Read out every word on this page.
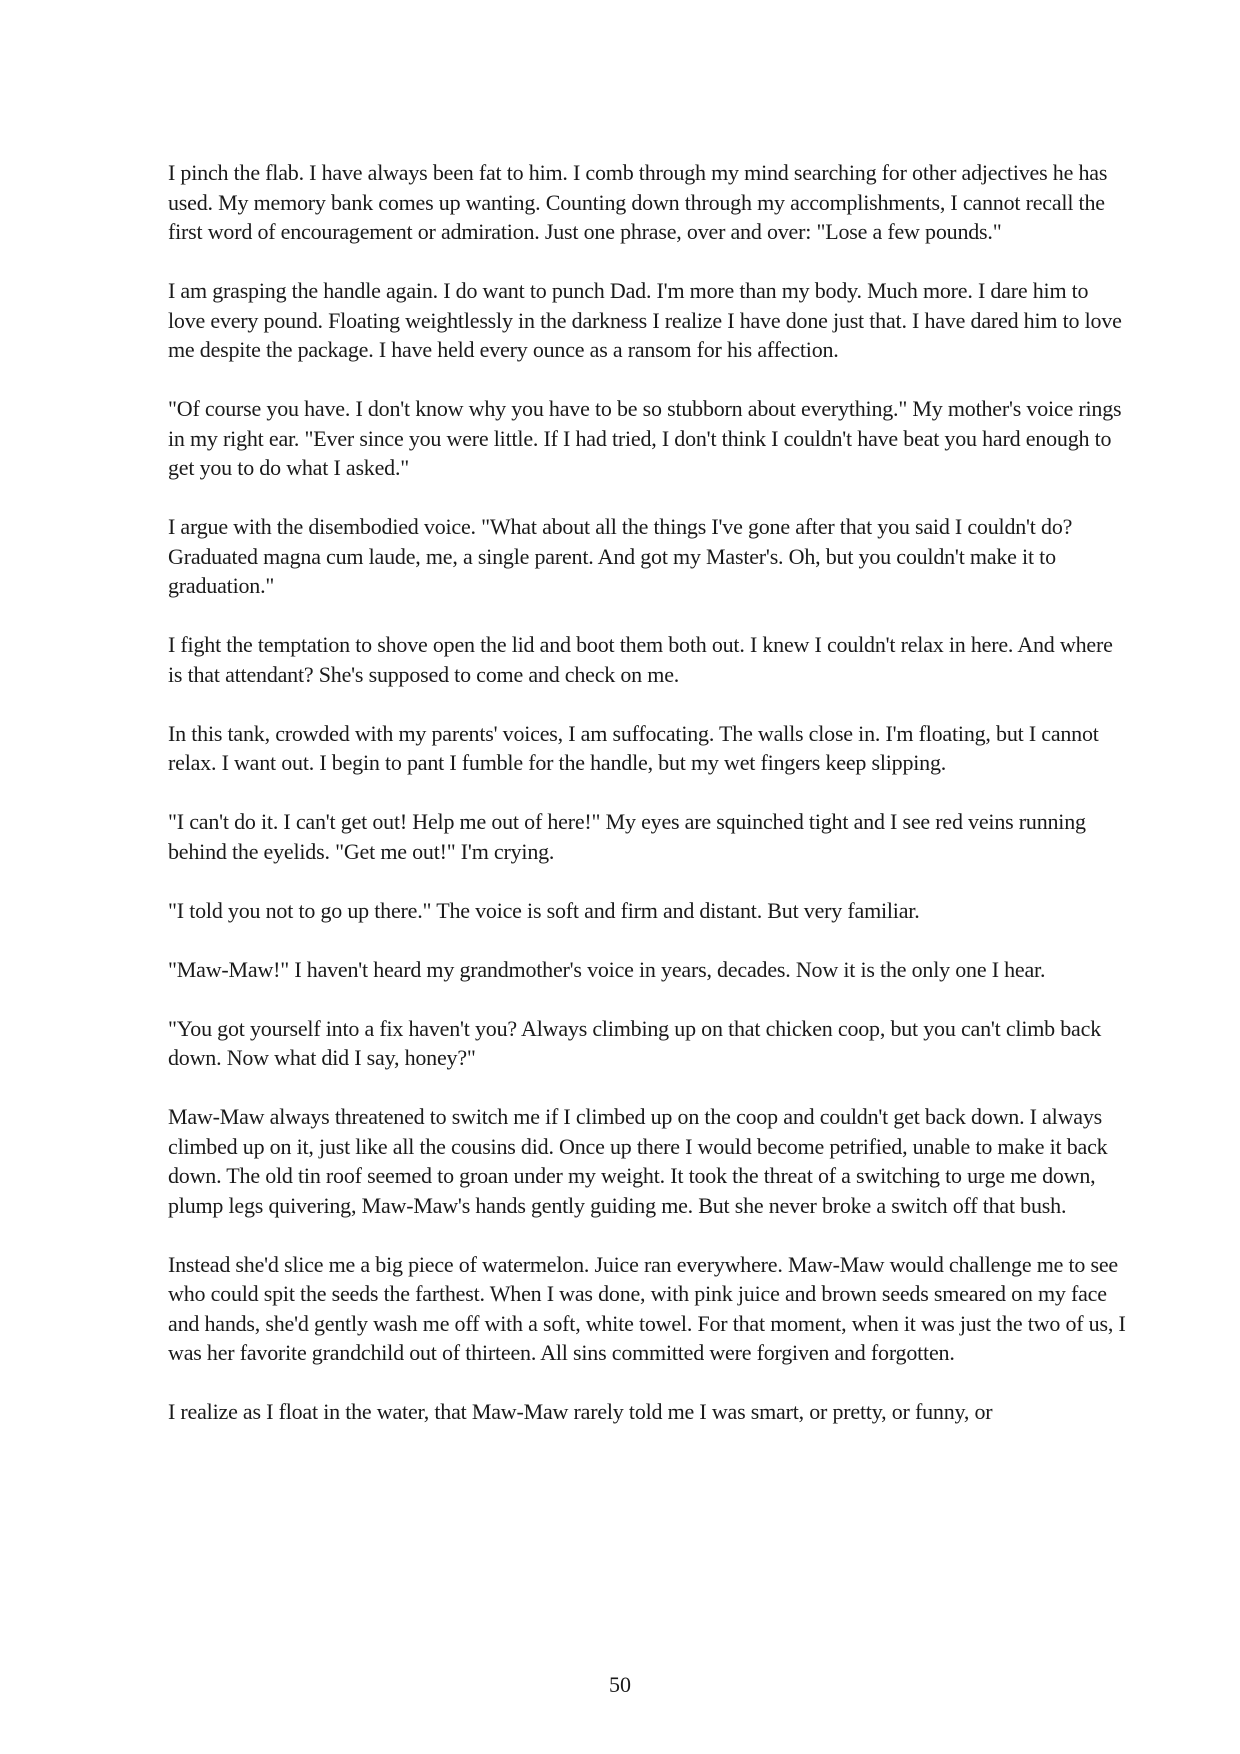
I pinch the flab. I have always been fat to him. I comb through my mind searching for other adjectives he has used. My memory bank comes up wanting. Counting down through my accomplishments, I cannot recall the first word of encouragement or admiration. Just one phrase, over and over: "Lose a few pounds."

I am grasping the handle again. I do want to punch Dad. I'm more than my body. Much more. I dare him to love every pound. Floating weightlessly in the darkness I realize I have done just that. I have dared him to love me despite the package. I have held every ounce as a ransom for his affection.

"Of course you have. I don't know why you have to be so stubborn about everything." My mother's voice rings in my right ear. "Ever since you were little. If I had tried, I don't think I couldn't have beat you hard enough to get you to do what I asked."

I argue with the disembodied voice. "What about all the things I've gone after that you said I couldn't do? Graduated magna cum laude, me, a single parent. And got my Master's. Oh, but you couldn't make it to graduation."

I fight the temptation to shove open the lid and boot them both out. I knew I couldn't relax in here. And where is that attendant? She's supposed to come and check on me.

In this tank, crowded with my parents' voices, I am suffocating. The walls close in. I'm floating, but I cannot relax. I want out. I begin to pant I fumble for the handle, but my wet fingers keep slipping.

"I can't do it. I can't get out! Help me out of here!" My eyes are squinched tight and I see red veins running behind the eyelids. "Get me out!" I'm crying.

"I told you not to go up there." The voice is soft and firm and distant. But very familiar.

"Maw-Maw!" I haven't heard my grandmother's voice in years, decades. Now it is the only one I hear.

"You got yourself into a fix haven't you? Always climbing up on that chicken coop, but you can't climb back down. Now what did I say, honey?"

Maw-Maw always threatened to switch me if I climbed up on the coop and couldn't get back down. I always climbed up on it, just like all the cousins did. Once up there I would become petrified, unable to make it back down. The old tin roof seemed to groan under my weight. It took the threat of a switching to urge me down, plump legs quivering, Maw-Maw's hands gently guiding me. But she never broke a switch off that bush.

Instead she'd slice me a big piece of watermelon. Juice ran everywhere. Maw-Maw would challenge me to see who could spit the seeds the farthest. When I was done, with pink juice and brown seeds smeared on my face and hands, she'd gently wash me off with a soft, white towel. For that moment, when it was just the two of us, I was her favorite grandchild out of thirteen. All sins committed were forgiven and forgotten.

I realize as I float in the water, that Maw-Maw rarely told me I was smart, or pretty, or funny, or

50
